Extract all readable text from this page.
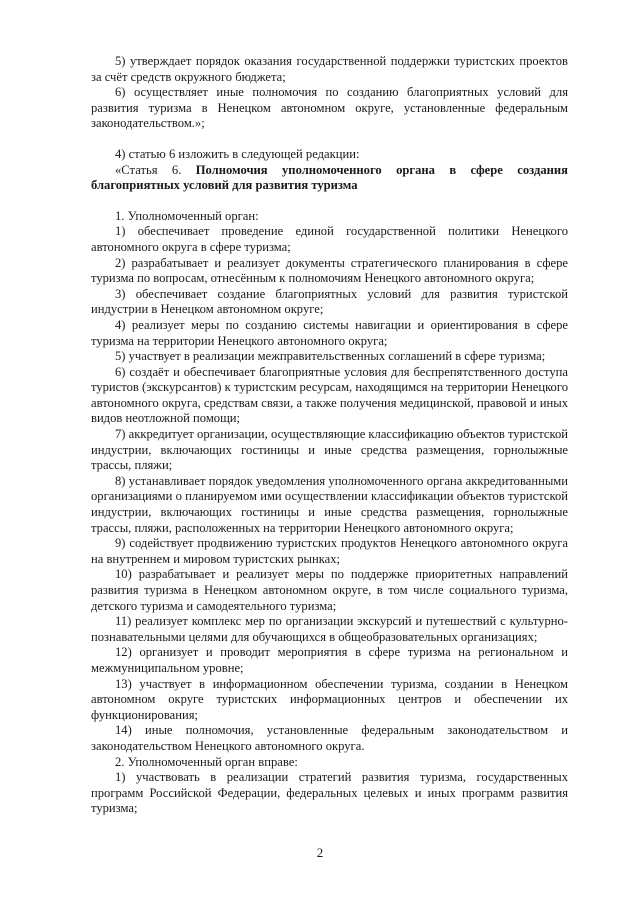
5) утверждает порядок оказания государственной поддержки туристских проектов за счёт средств окружного бюджета;

6) осуществляет иные полномочия по созданию благоприятных условий для развития туризма в Ненецком автономном округе, установленные федеральным законодательством.»;

4) статью 6 изложить в следующей редакции:

«Статья 6. Полномочия уполномоченного органа в сфере создания благоприятных условий для развития туризма

1. Уполномоченный орган:

1) обеспечивает проведение единой государственной политики Ненецкого автономного округа в сфере туризма;

2) разрабатывает и реализует документы стратегического планирования в сфере туризма по вопросам, отнесённым к полномочиям Ненецкого автономного округа;

3) обеспечивает создание благоприятных условий для развития туристской индустрии в Ненецком автономном округе;

4) реализует меры по созданию системы навигации и ориентирования в сфере туризма на территории Ненецкого автономного округа;

5) участвует в реализации межправительственных соглашений в сфере туризма;

6) создаёт и обеспечивает благоприятные условия для беспрепятственного доступа туристов (экскурсантов) к туристским ресурсам, находящимся на территории Ненецкого автономного округа, средствам связи, а также получения медицинской, правовой и иных видов неотложной помощи;

7) аккредитует организации, осуществляющие классификацию объектов туристской индустрии, включающих гостиницы и иные средства размещения, горнолыжные трассы, пляжи;

8) устанавливает порядок уведомления уполномоченного органа аккредитованными организациями о планируемом ими осуществлении классификации объектов туристской индустрии, включающих гостиницы и иные средства размещения, горнолыжные трассы, пляжи, расположенных на территории Ненецкого автономного округа;

9) содействует продвижению туристских продуктов Ненецкого автономного округа на внутреннем и мировом туристских рынках;

10) разрабатывает и реализует меры по поддержке приоритетных направлений развития туризма в Ненецком автономном округе, в том числе социального туризма, детского туризма и самодеятельного туризма;

11) реализует комплекс мер по организации экскурсий и путешествий с культурно-познавательными целями для обучающихся в общеобразовательных организациях;

12) организует и проводит мероприятия в сфере туризма на региональном и межмуниципальном уровне;

13) участвует в информационном обеспечении туризма, создании в Ненецком автономном округе туристских информационных центров и обеспечении их функционирования;

14) иные полномочия, установленные федеральным законодательством и законодательством Ненецкого автономного округа.

2. Уполномоченный орган вправе:

1) участвовать в реализации стратегий развития туризма, государственных программ Российской Федерации, федеральных целевых и иных программ развития туризма;

2
